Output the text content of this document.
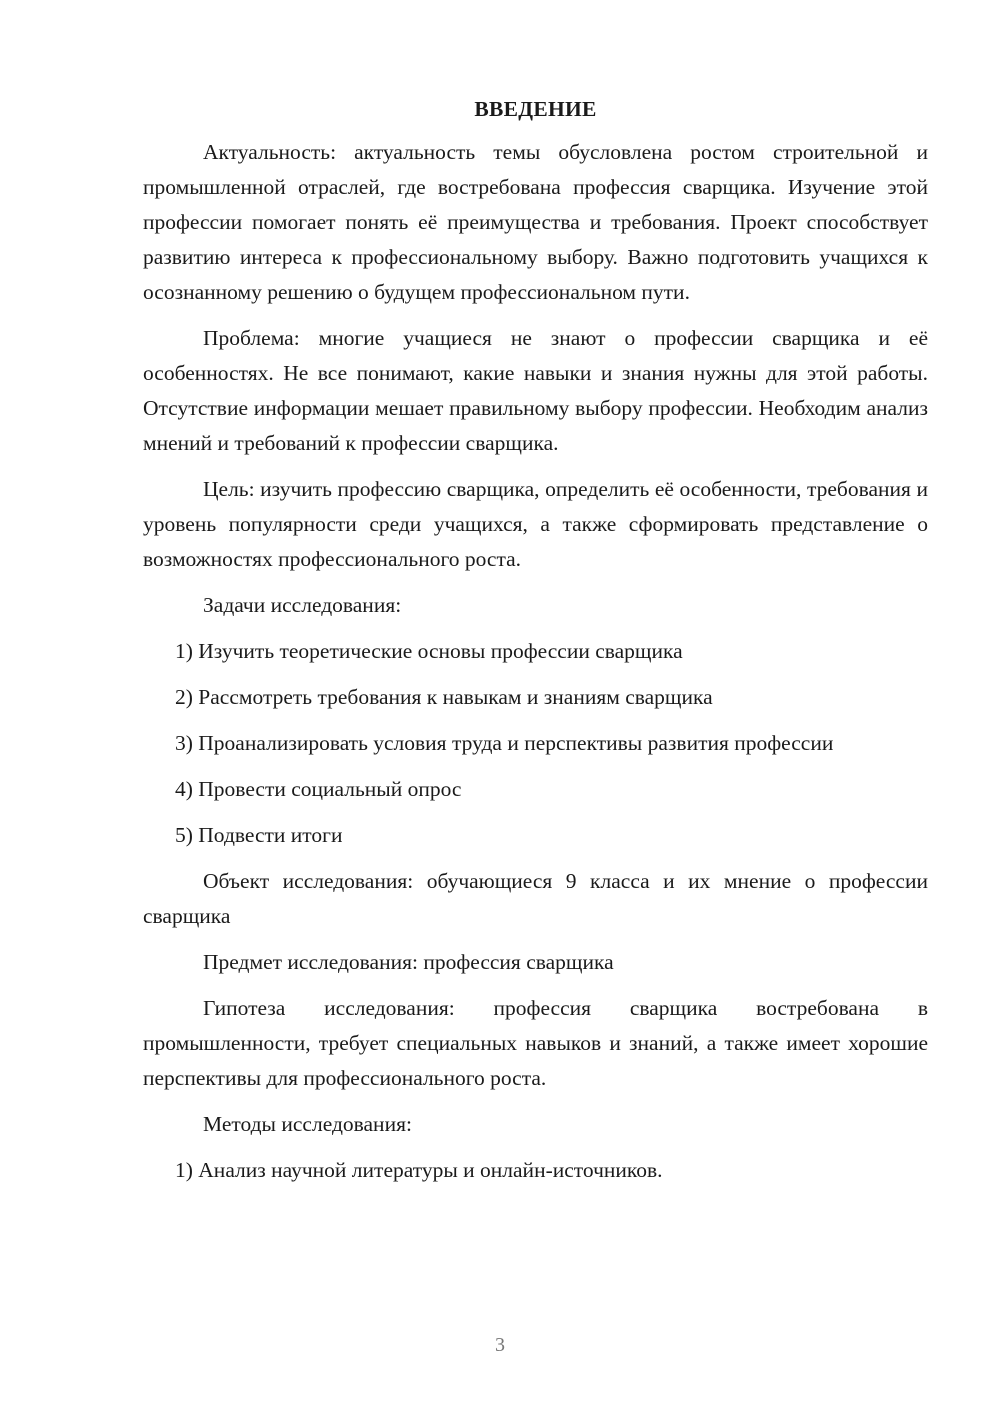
ВВЕДЕНИЕ

Актуальность: актуальность темы обусловлена ростом строительной и промышленной отраслей, где востребована профессия сварщика. Изучение этой профессии помогает понять её преимущества и требования. Проект способствует развитию интереса к профессиональному выбору. Важно подготовить учащихся к осознанному решению о будущем профессиональном пути.

Проблема: многие учащиеся не знают о профессии сварщика и её особенностях. Не все понимают, какие навыки и знания нужны для этой работы. Отсутствие информации мешает правильному выбору профессии. Необходим анализ мнений и требований к профессии сварщика.

Цель: изучить профессию сварщика, определить её особенности, требования и уровень популярности среди учащихся, а также сформировать представление о возможностях профессионального роста.

Задачи исследования:

1) Изучить теоретические основы профессии сварщика

2) Рассмотреть требования к навыкам и знаниям сварщика

3) Проанализировать условия труда и перспективы развития профессии

4) Провести социальный опрос

5) Подвести итоги

Объект исследования: обучающиеся 9 класса и их мнение о профессии сварщика

Предмет исследования: профессия сварщика

Гипотеза исследования: профессия сварщика востребована в промышленности, требует специальных навыков и знаний, а также имеет хорошие перспективы для профессионального роста.

Методы исследования:

1) Анализ научной литературы и онлайн-источников.

3
